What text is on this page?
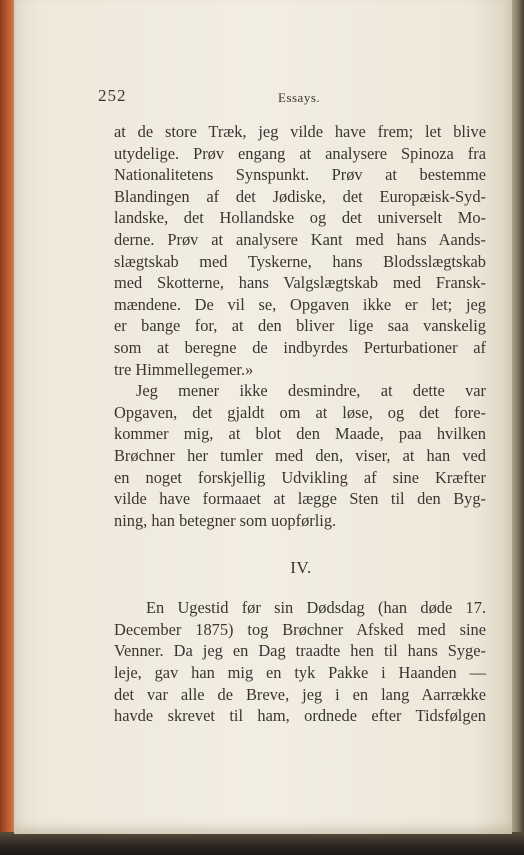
252	Essays.
at de store Træk, jeg vilde have frem; let blive
utydelige. Prøv engang at analysere Spinoza fra
Nationalitetens Synspunkt. Prøv at bestemme
Blandingen af det Jødiske, det Europæisk-Syd-
landske, det Hollandske og det universelt Mo-
derne. Prøv at analysere Kant med hans Aands-
slægtskab med Tyskerne, hans Blodsslægtskab
med Skotterne, hans Valgslægtskab med Fransk-
mændene. De vil se, Opgaven ikke er let; jeg
er bange for, at den bliver lige saa vanskelig
som at beregne de indbyrdes Perturbationer af
tre Himmellegemer.»
Jeg mener ikke desmindre, at dette var
Opgaven, det gjaldt om at løse, og det fore-
kommer mig, at blot den Maade, paa hvilken
Brøchner her tumler med den, viser, at han ved
en noget forskjellig Udvikling af sine Kræfter
vilde have formaaet at lægge Sten til den Byg-
ning, han betegner som uopførlig.
IV.
En Ugestid før sin Dødsdag (han døde 17.
December 1875) tog Brøchner Afsked med sine
Venner. Da jeg en Dag traadte hen til hans Syge-
leje, gav han mig en tyk Pakke i Haanden —
det var alle de Breve, jeg i en lang Aarrække
havde skrevet til ham, ordnede efter Tidsfølgen
